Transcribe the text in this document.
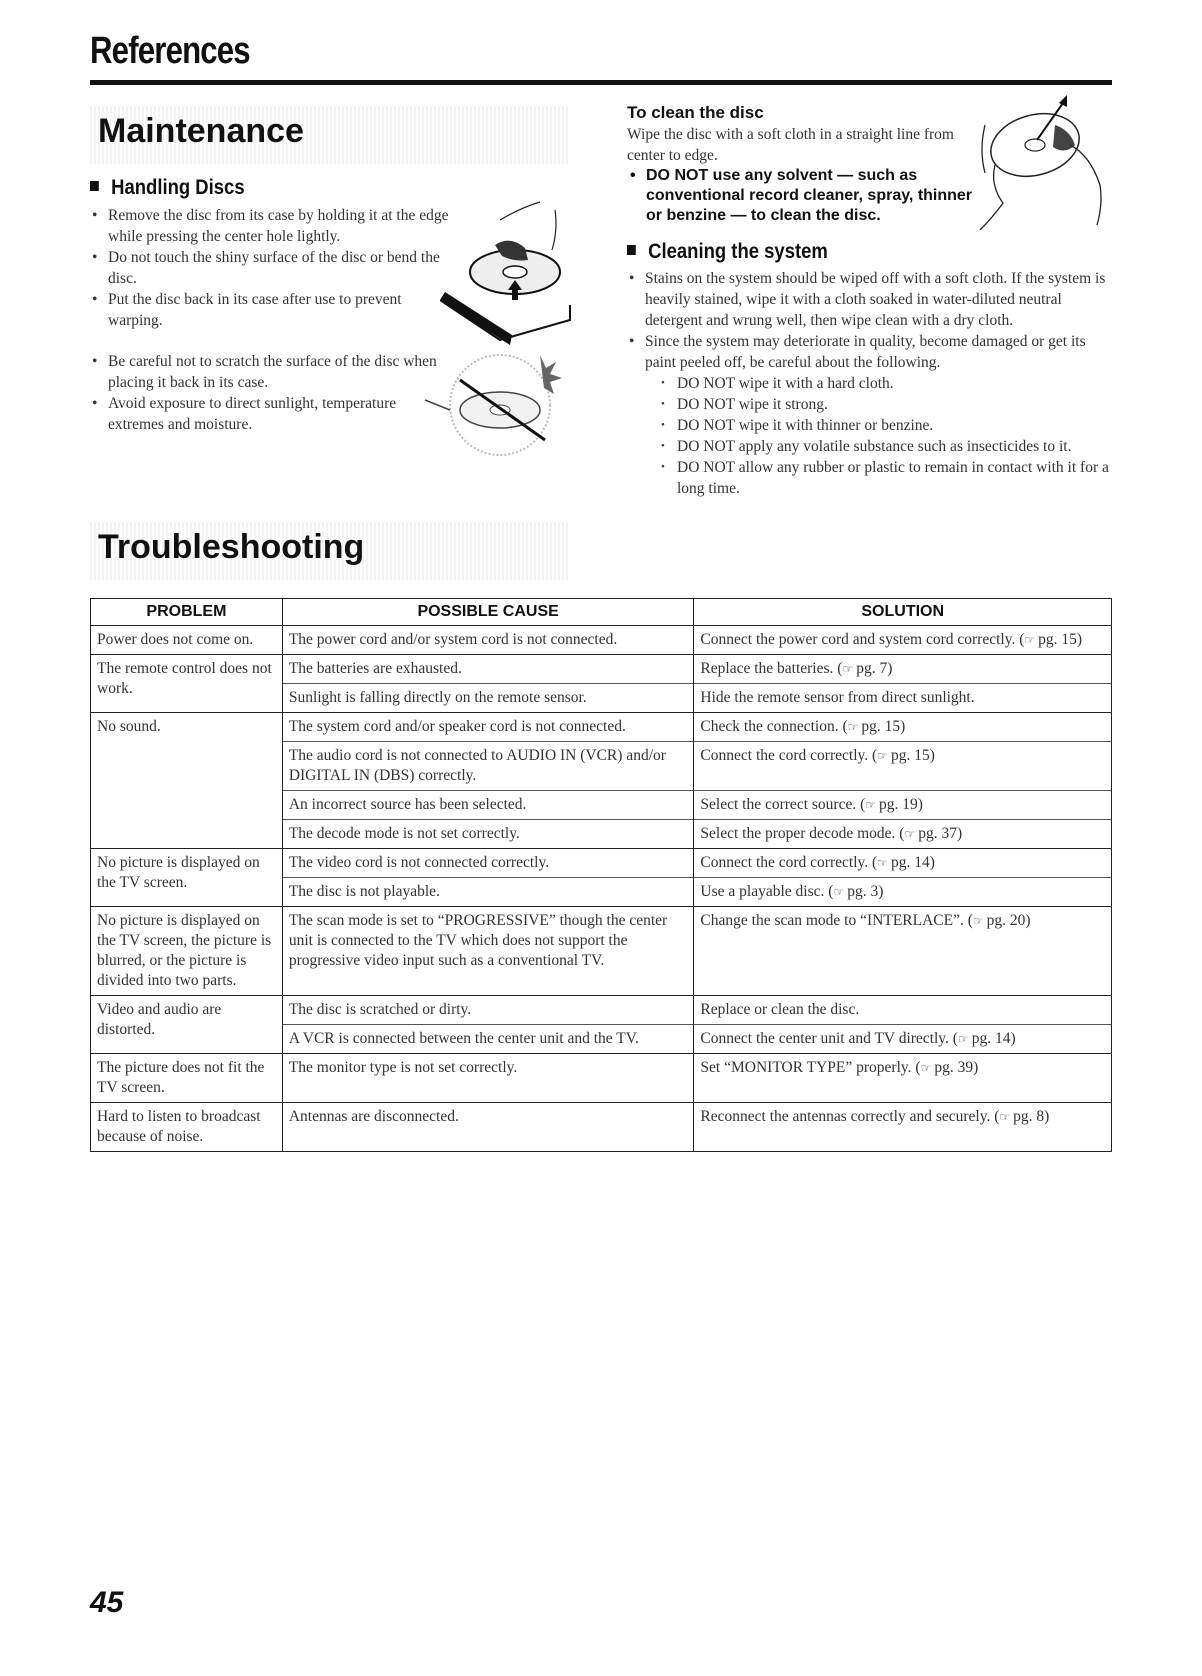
References
Maintenance
Handling Discs
• Remove the disc from its case by holding it at the edge while pressing the center hole lightly.
• Do not touch the shiny surface of the disc or bend the disc.
• Put the disc back in its case after use to prevent warping.
• Be careful not to scratch the surface of the disc when placing it back in its case.
• Avoid exposure to direct sunlight, temperature extremes and moisture.
To clean the disc
Wipe the disc with a soft cloth in a straight line from center to edge.
• DO NOT use any solvent — such as conventional record cleaner, spray, thinner or benzine — to clean the disc.
Cleaning the system
• Stains on the system should be wiped off with a soft cloth. If the system is heavily stained, wipe it with a cloth soaked in water-diluted neutral detergent and wrung well, then wipe clean with a dry cloth.
• Since the system may deteriorate in quality, become damaged or get its paint peeled off, be careful about the following.
• DO NOT wipe it with a hard cloth.
• DO NOT wipe it strong.
• DO NOT wipe it with thinner or benzine.
• DO NOT apply any volatile substance such as insecticides to it.
• DO NOT allow any rubber or plastic to remain in contact with it for a long time.
Troubleshooting
PROBLEM	POSSIBLE CAUSE	SOLUTION
Power does not come on.	The power cord and/or system cord is not connected.	Connect the power cord and system cord correctly. (☞ pg. 15)
The remote control does not work.	The batteries are exhausted.	Replace the batteries. (☞ pg. 7)
	Sunlight is falling directly on the remote sensor.	Hide the remote sensor from direct sunlight.
No sound.	The system cord and/or speaker cord is not connected.	Check the connection. (☞ pg. 15)
	The audio cord is not connected to AUDIO IN (VCR) and/or DIGITAL IN (DBS) correctly.	Connect the cord correctly. (☞ pg. 15)
	An incorrect source has been selected.	Select the correct source. (☞ pg. 19)
	The decode mode is not set correctly.	Select the proper decode mode. (☞ pg. 37)
No picture is displayed on the TV screen.	The video cord is not connected correctly.	Connect the cord correctly. (☞ pg. 14)
	The disc is not playable.	Use a playable disc. (☞ pg. 3)
No picture is displayed on the TV screen, the picture is blurred, or the picture is divided into two parts.	The scan mode is set to “PROGRESSIVE” though the center unit is connected to the TV which does not support the progressive video input such as a conventional TV.	Change the scan mode to “INTERLACE”. (☞ pg. 20)
Video and audio are distorted.	The disc is scratched or dirty.	Replace or clean the disc.
	A VCR is connected between the center unit and the TV.	Connect the center unit and TV directly. (☞ pg. 14)
The picture does not fit the TV screen.	The monitor type is not set correctly.	Set “MONITOR TYPE” properly. (☞ pg. 39)
Hard to listen to broadcast because of noise.	Antennas are disconnected.	Reconnect the antennas correctly and securely. (☞ pg. 8)
45
